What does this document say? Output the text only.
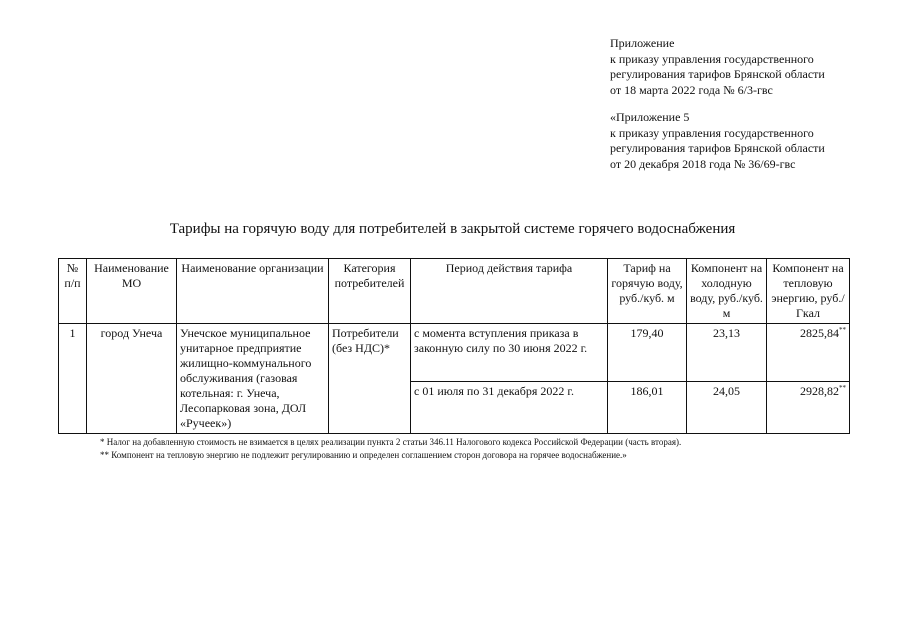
Приложение
к приказу управления государственного
регулирования тарифов Брянской области
от 18 марта 2022 года № 6/3-гвс
«Приложение 5
к приказу управления государственного
регулирования тарифов Брянской области
от 20 декабря 2018 года № 36/69-гвс
Тарифы на горячую воду для потребителей в закрытой системе горячего водоснабжения
№ п/п	Наименование МО	Наименование организации	Категория потребителей	Период действия тарифа	Тариф на горячую воду, руб./куб. м	Компонент на холодную воду, руб./куб. м	Компонент на тепловую энергию, руб./Гкал
1	город Унеча	Унечское муниципальное унитарное предприятие жилищно-коммунального обслуживания (газовая котельная: г. Унеча, Лесопарковая зона, ДОЛ «Ручеек»)	Потребители (без НДС)*	с момента вступления приказа в законную силу по 30 июня 2022 г.	179,40	23,13	2825,84**
				с 01 июля по 31 декабря 2022 г.	186,01	24,05	2928,82**
* Налог на добавленную стоимость не взимается в целях реализации пункта 2 статьи 346.11 Налогового кодекса Российской Федерации (часть вторая).
** Компонент на тепловую энергию не подлежит регулированию и определен соглашением сторон договора на горячее водоснабжение.»
